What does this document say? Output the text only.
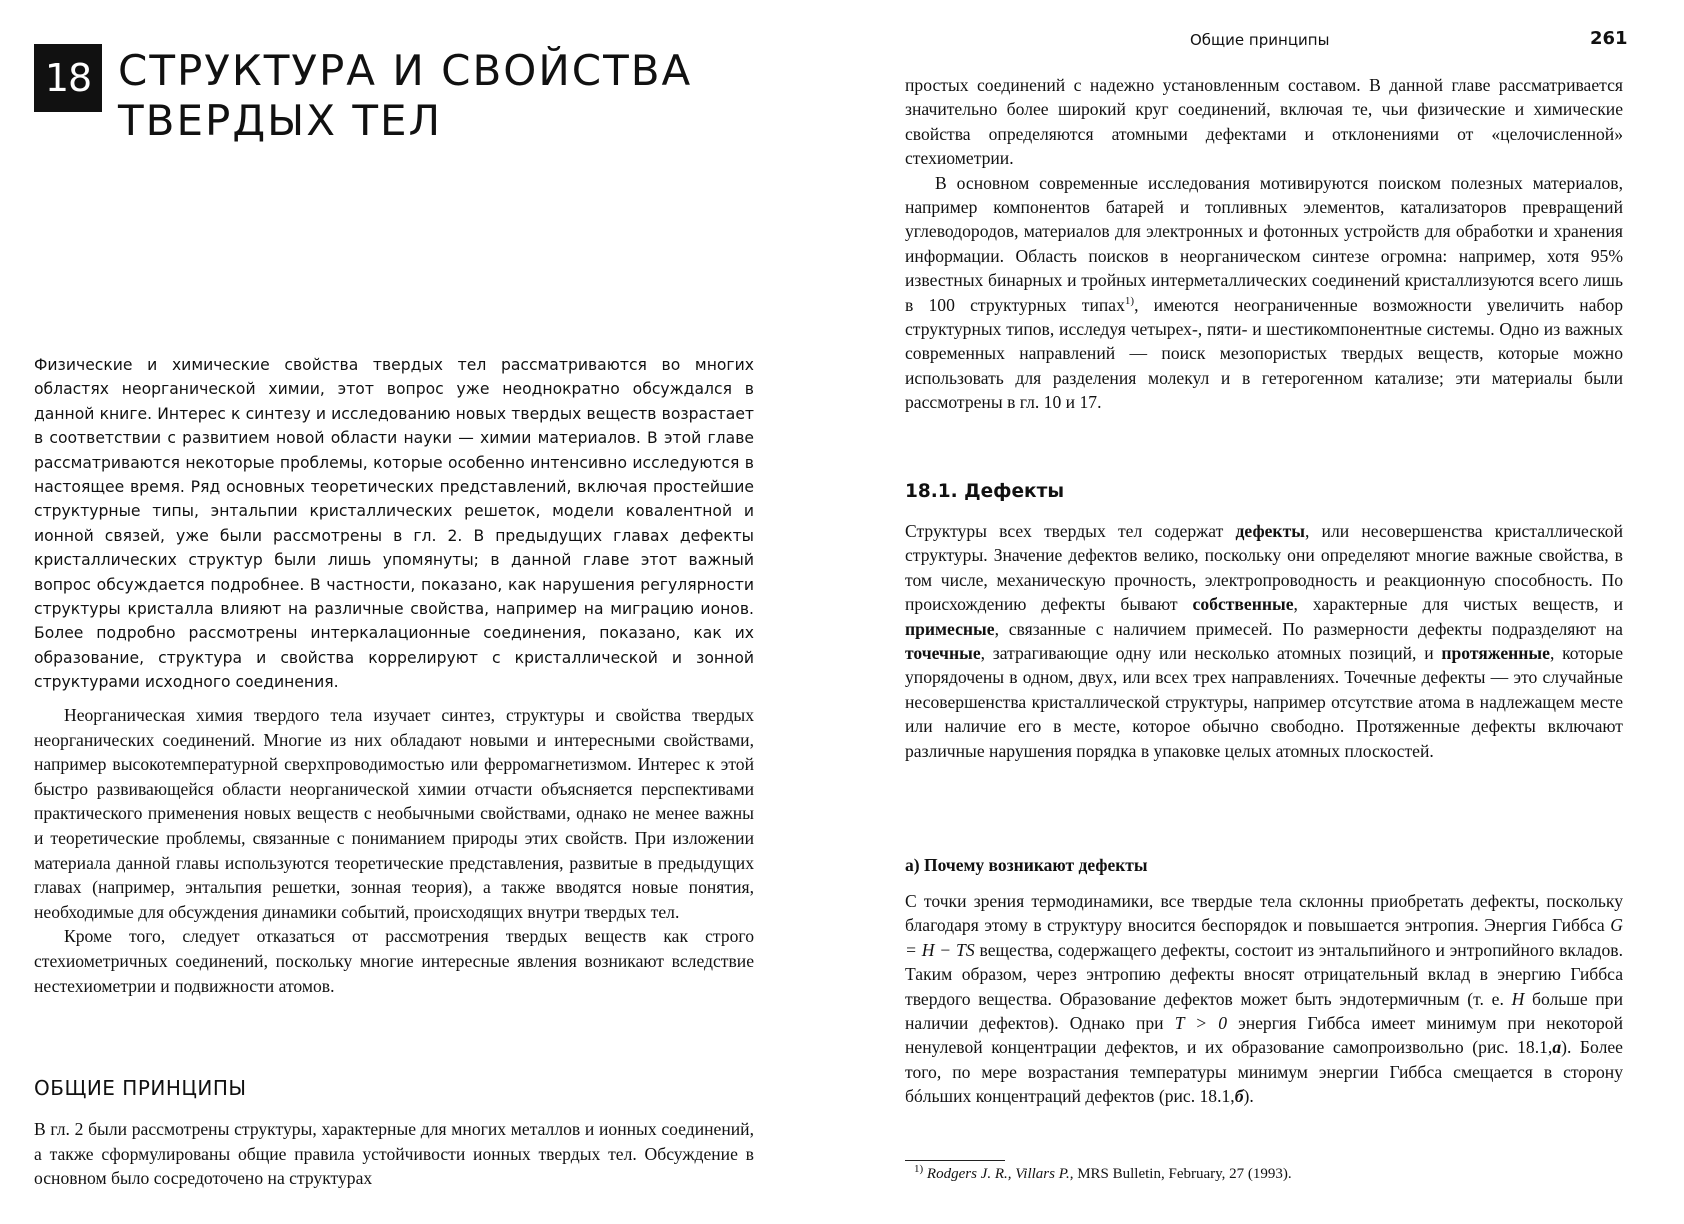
18 СТРУКТУРА И СВОЙСТВА
ТВЕРДЫХ ТЕЛ

Физические и химические свойства твердых тел рассматриваются во многих областях неорганической химии, этот вопрос уже неоднократно обсуждался в данной книге. Интерес к синтезу и исследованию новых твердых веществ возрастает в соответствии с развитием новой области науки — химии материалов. В этой главе рассматриваются некоторые проблемы, которые особенно интенсивно исследуются в настоящее время. Ряд основных теоретических представлений, включая простейшие структурные типы, энтальпии кристаллических решеток, модели ковалентной и ионной связей, уже были рассмотрены в гл. 2. В предыдущих главах дефекты кристаллических структур были лишь упомянуты; в данной главе этот важный вопрос обсуждается подробнее. В частности, показано, как нарушения регулярности структуры кристалла влияют на различные свойства, например на миграцию ионов. Более подробно рассмотрены интеркалационные соединения, показано, как их образование, структура и свойства коррелируют с кристаллической и зонной структурами исходного соединения.

Неорганическая химия твердого тела изучает синтез, структуры и свойства твердых неорганических соединений. Многие из них обладают новыми и интересными свойствами, например высокотемпературной сверхпроводимостью или ферромагнетизмом. Интерес к этой быстро развивающейся области неорганической химии отчасти объясняется перспективами практического применения новых веществ с необычными свойствами, однако не менее важны и теоретические проблемы, связанные с пониманием природы этих свойств. При изложении материала данной главы используются теоретические представления, развитые в предыдущих главах (например, энтальпия решетки, зонная теория), а также вводятся новые понятия, необходимые для обсуждения динамики событий, происходящих внутри твердых тел.

Кроме того, следует отказаться от рассмотрения твердых веществ как строго стехиометричных соединений, поскольку многие интересные явления возникают вследствие нестехиометрии и подвижности атомов.

ОБЩИЕ ПРИНЦИПЫ

В гл. 2 были рассмотрены структуры, характерные для многих металлов и ионных соединений, а также сформулированы общие правила устойчивости ионных твердых тел. Обсуждение в основном было сосредоточено на структурах

Общие принципы	261

простых соединений с надежно установленным составом. В данной главе рассматривается значительно более широкий круг соединений, включая те, чьи физические и химические свойства определяются атомными дефектами и отклонениями от «целочисленной» стехиометрии.

В основном современные исследования мотивируются поиском полезных материалов, например компонентов батарей и топливных элементов, катализаторов превращений углеводородов, материалов для электронных и фотонных устройств для обработки и хранения информации. Область поисков в неорганическом синтезе огромна: например, хотя 95% известных бинарных и тройных интерметаллических соединений кристаллизуются всего лишь в 100 структурных типах$^{1)}$, имеются неограниченные возможности увеличить набор структурных типов, исследуя четырех-, пяти- и шестикомпонентные системы. Одно из важных современных направлений — поиск мезопористых твердых веществ, которые можно использовать для разделения молекул и в гетерогенном катализе; эти материалы были рассмотрены в гл. 10 и 17.

18.1. Дефекты

Структуры всех твердых тел содержат дефекты, или несовершенства кристаллической структуры. Значение дефектов велико, поскольку они определяют многие важные свойства, в том числе, механическую прочность, электропроводность и реакционную способность. По происхождению дефекты бывают собственные, характерные для чистых веществ, и примесные, связанные с наличием примесей. По размерности дефекты подразделяют на точечные, затрагивающие одну или несколько атомных позиций, и протяженные, которые упорядочены в одном, двух, или всех трех направлениях. Точечные дефекты — это случайные несовершенства кристаллической структуры, например отсутствие атома в надлежащем месте или наличие его в месте, которое обычно свободно. Протяженные дефекты включают различные нарушения порядка в упаковке целых атомных плоскостей.

а) Почему возникают дефекты

С точки зрения термодинамики, все твердые тела склонны приобретать дефекты, поскольку благодаря этому в структуру вносится беспорядок и повышается энтропия. Энергия Гиббса G = H − TS вещества, содержащего дефекты, состоит из энтальпийного и энтропийного вкладов. Таким образом, через энтропию дефекты вносят отрицательный вклад в энергию Гиббса твердого вещества. Образование дефектов может быть эндотермичным (т. е. H больше при наличии дефектов). Однако при T > 0 энергия Гиббса имеет минимум при некоторой ненулевой концентрации дефектов, и их образование самопроизвольно (рис. 18.1,а). Более того, по мере возрастания температуры минимум энергии Гиббса смещается в сторону бóльших концентраций дефектов (рис. 18.1,б).

$^{1)}$ Rodgers J. R., Villars P., MRS Bulletin, February, 27 (1993).
